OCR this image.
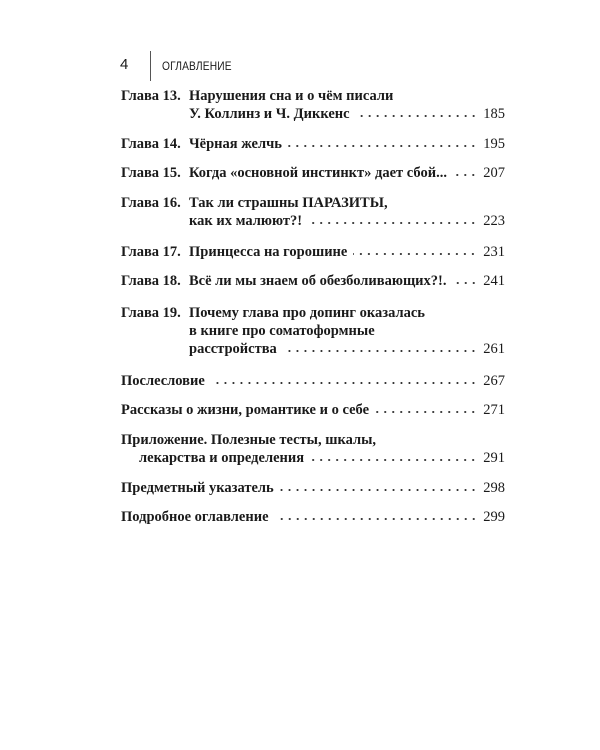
4	ОГЛАВЛЕНИЕ
Глава 13. Нарушения сна и о чём писали
У. Коллинз и Ч. Диккенс	185
Глава 14. Чёрная желчь	195
Глава 15. Когда «основной инстинкт» дает сбой...	207
Глава 16. Так ли страшны ПАРАЗИТЫ,
как их малюют?!	223
Глава 17. Принцесса на горошине	231
Глава 18. Всё ли мы знаем об обезболивающих?!.	241
Глава 19. Почему глава про допинг оказалась
в книге про соматоформные
расстройства	261
Послесловие	267
Рассказы о жизни, романтике и о себе	271
Приложение. Полезные тесты, шкалы,
лекарства и определения	291
Предметный указатель	298
Подробное оглавление	299
